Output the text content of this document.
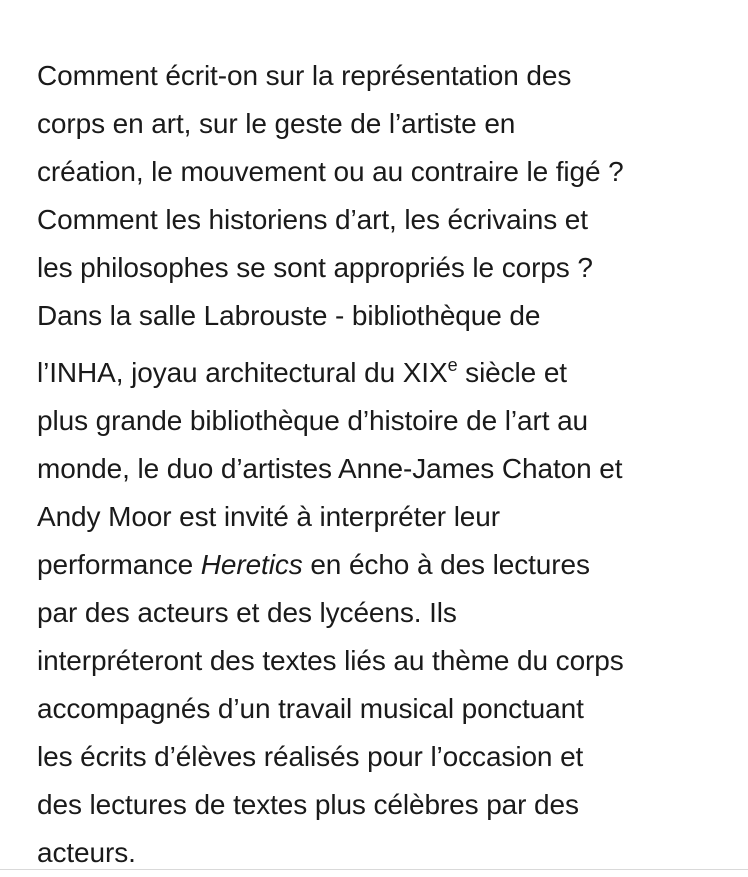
Comment écrit-on sur la représentation des
corps en art, sur le geste de l’artiste en
création, le mouvement ou au contraire le figé ?
Comment les historiens d’art, les écrivains et
les philosophes se sont appropriés le corps ?
Dans la salle Labrouste - bibliothèque de
l’INHA, joyau architectural du XIXe siècle et
plus grande bibliothèque d’histoire de l’art au
monde, le duo d’artistes Anne-James Chaton et
Andy Moor est invité à interpréter leur
performance Heretics en écho à des lectures
par des acteurs et des lycéens. Ils
interpréteront des textes liés au thème du corps
accompagnés d’un travail musical ponctuant
les écrits d’élèves réalisés pour l’occasion et
des lectures de textes plus célèbres par des
acteurs.
